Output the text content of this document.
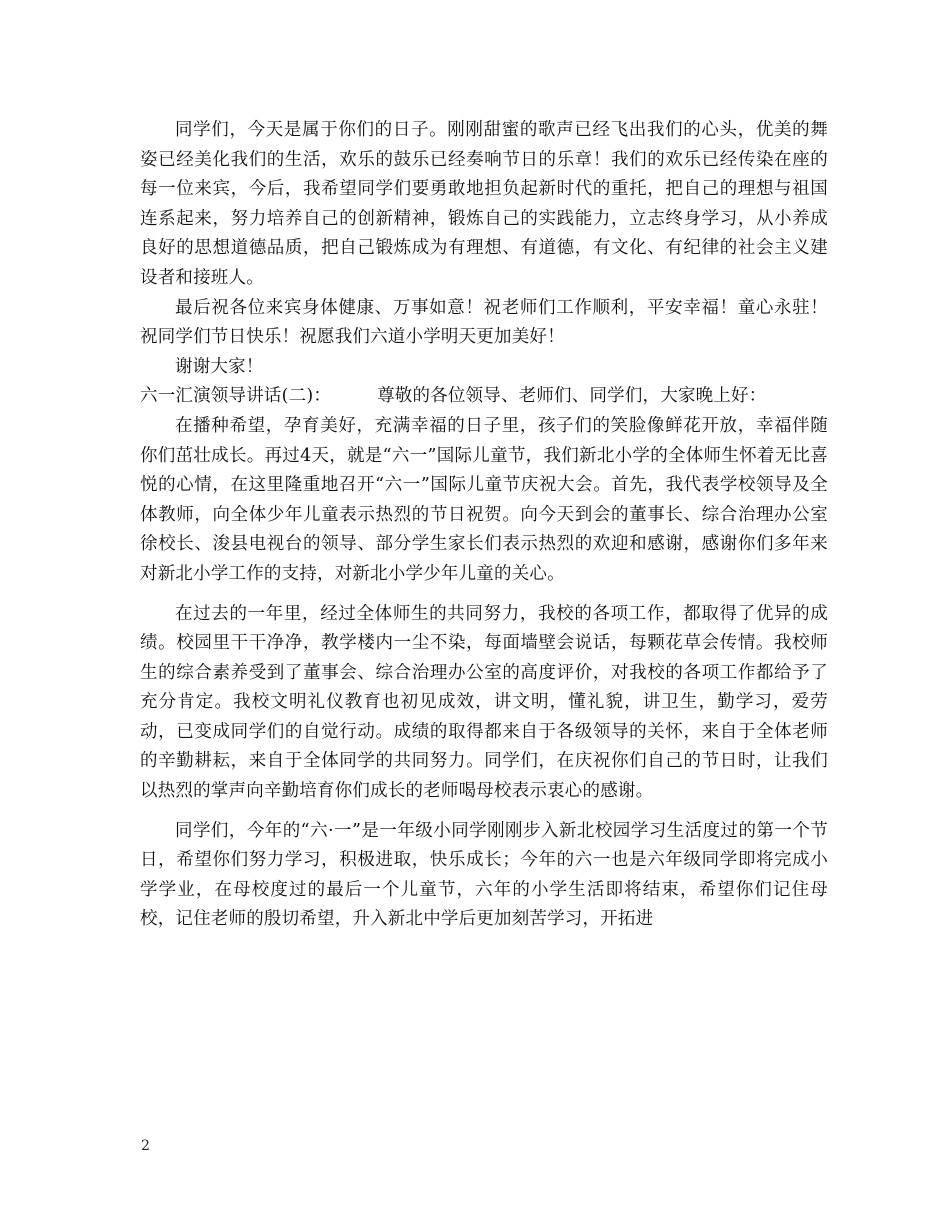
同学们，今天是属于你们的日子。刚刚甜蜜的歌声已经飞出我们的心头，优美的舞姿已经美化我们的生活，欢乐的鼓乐已经奏响节日的乐章！我们的欢乐已经传染在座的每一位来宾，今后，我希望同学们要勇敢地担负起新时代的重托，把自己的理想与祖国连系起来，努力培养自己的创新精神，锻炼自己的实践能力，立志终身学习，从小养成良好的思想道德品质，把自己锻炼成为有理想、有道德，有文化、有纪律的社会主义建设者和接班人。

最后祝各位来宾身体健康、万事如意！祝老师们工作顺利，平安幸福！童心永驻！祝同学们节日快乐！祝愿我们六道小学明天更加美好！

谢谢大家！

六一汇演领导讲话(二)：	尊敬的各位领导、老师们、同学们，大家晚上好：

在播种希望，孕育美好，充满幸福的日子里，孩子们的笑脸像鲜花开放，幸福伴随你们茁壮成长。再过4天，就是“六一”国际儿童节，我们新北小学的全体师生怀着无比喜悦的心情，在这里隆重地召开“六一”国际儿童节庆祝大会。首先，我代表学校领导及全体教师，向全体少年儿童表示热烈的节日祝贺。向今天到会的董事长、综合治理办公室徐校长、浚县电视台的领导、部分学生家长们表示热烈的欢迎和感谢，感谢你们多年来对新北小学工作的支持，对新北小学少年儿童的关心。

在过去的一年里，经过全体师生的共同努力，我校的各项工作，都取得了优异的成绩。校园里干干净净，教学楼内一尘不染，每面墙壁会说话，每颗花草会传情。我校师生的综合素养受到了董事会、综合治理办公室的高度评价，对我校的各项工作都给予了充分肯定。我校文明礼仪教育也初见成效，讲文明，懂礼貌，讲卫生，勤学习，爱劳动，已变成同学们的自觉行动。成绩的取得都来自于各级领导的关怀，来自于全体老师的辛勤耕耘，来自于全体同学的共同努力。同学们，在庆祝你们自己的节日时，让我们以热烈的掌声向辛勤培育你们成长的老师喝母校表示衷心的感谢。

同学们，今年的“六·一”是一年级小同学刚刚步入新北校园学习生活度过的第一个节日，希望你们努力学习，积极进取，快乐成长；今年的六一也是六年级同学即将完成小学学业，在母校度过的最后一个儿童节，六年的小学生活即将结束，希望你们记住母校，记住老师的殷切希望，升入新北中学后更加刻苦学习，开拓进

2
